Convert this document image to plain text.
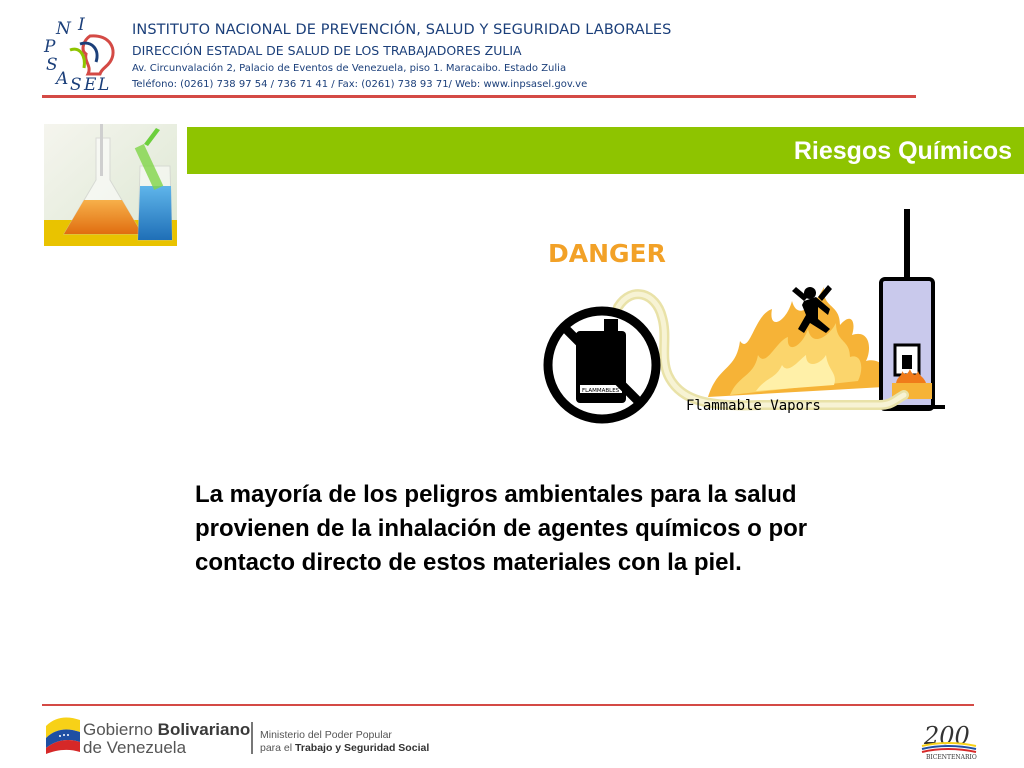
N I
P
S
A S E L
INSTITUTO NACIONAL DE PREVENCIÓN, SALUD Y SEGURIDAD LABORALES
DIRECCIÓN ESTADAL DE SALUD DE LOS TRABAJADORES ZULIA
Av. Circunvalación 2, Palacio de Eventos de Venezuela, piso 1. Maracaibo. Estado Zulia
Teléfono: (0261) 738 97 54 / 736 71 41 / Fax: (0261) 738 93 71/ Web: www.inpsasel.gov.ve
Riesgos Químicos
DANGER
Flammable Vapors
FLAMMABLES
La mayoría de los peligros ambientales para la salud provienen de la inhalación de agentes químicos o por contacto directo de estos materiales con la piel.
Gobierno Bolivariano
de Venezuela
Ministerio del Poder Popular
para el Trabajo y Seguridad Social	200
BICENTENARIO
